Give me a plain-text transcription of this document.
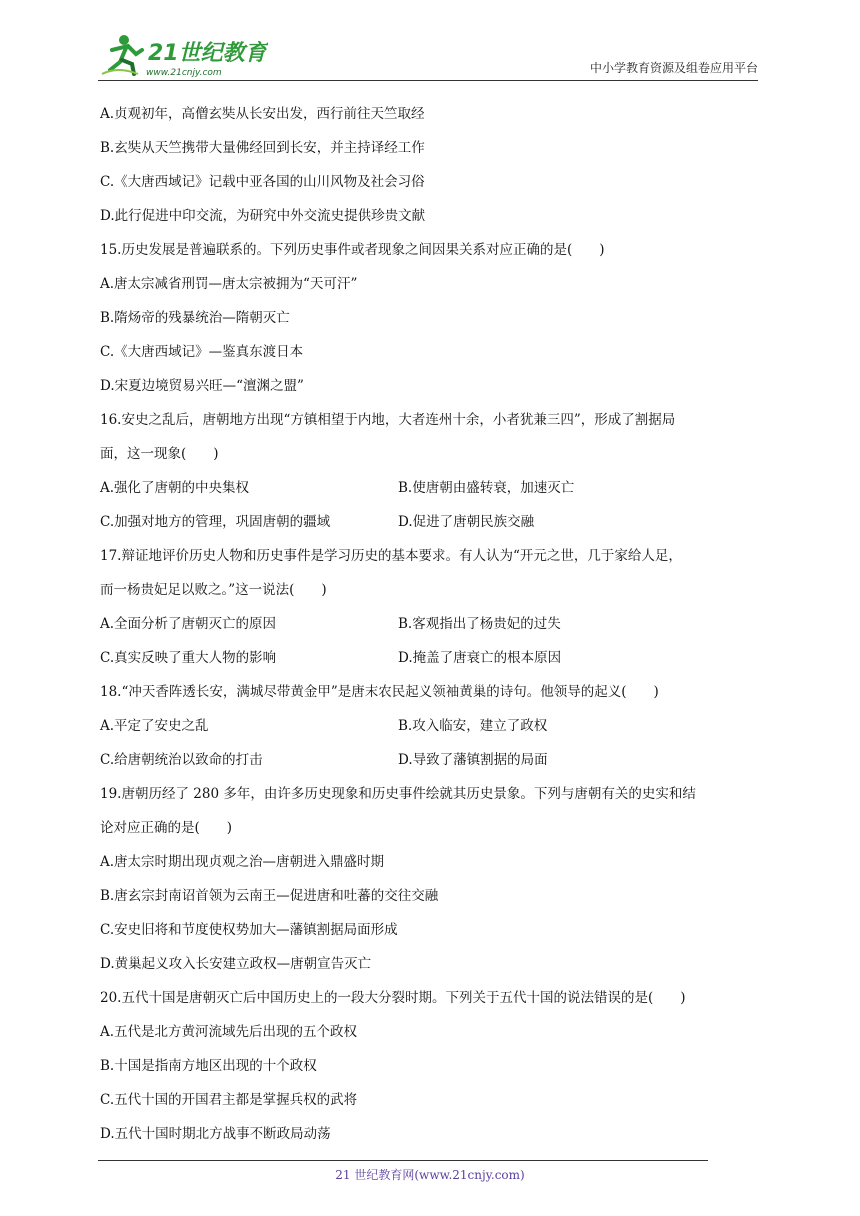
21世纪教育
www.21cnjy.com	中小学教育资源及组卷应用平台
A.贞观初年，高僧玄奘从长安出发，西行前往天竺取经
B.玄奘从天竺携带大量佛经回到长安，并主持译经工作
C.《大唐西域记》记载中亚各国的山川风物及社会习俗
D.此行促进中印交流，为研究中外交流史提供珍贵文献
15.历史发展是普遍联系的。下列历史事件或者现象之间因果关系对应正确的是(　　)
A.唐太宗减省刑罚—唐太宗被拥为“天可汗”
B.隋炀帝的残暴统治—隋朝灭亡
C.《大唐西域记》—鉴真东渡日本
D.宋夏边境贸易兴旺—“澶渊之盟”
16.安史之乱后，唐朝地方出现“方镇相望于内地，大者连州十余，小者犹兼三四”，形成了割据局
面，这一现象(　　)
A.强化了唐朝的中央集权	B.使唐朝由盛转衰，加速灭亡
C.加强对地方的管理，巩固唐朝的疆域	D.促进了唐朝民族交融
17.辩证地评价历史人物和历史事件是学习历史的基本要求。有人认为“开元之世，几于家给人足，
而一杨贵妃足以败之。”这一说法(　　)
A.全面分析了唐朝灭亡的原因	B.客观指出了杨贵妃的过失
C.真实反映了重大人物的影响	D.掩盖了唐衰亡的根本原因
18.“冲天香阵透长安，满城尽带黄金甲”是唐末农民起义领袖黄巢的诗句。他领导的起义(　　)
A.平定了安史之乱	B.攻入临安，建立了政权
C.给唐朝统治以致命的打击	D.导致了藩镇割据的局面
19.唐朝历经了 280 多年，由许多历史现象和历史事件绘就其历史景象。下列与唐朝有关的史实和结
论对应正确的是(　　)
A.唐太宗时期出现贞观之治—唐朝进入鼎盛时期
B.唐玄宗封南诏首领为云南王—促进唐和吐蕃的交往交融
C.安史旧将和节度使权势加大—藩镇割据局面形成
D.黄巢起义攻入长安建立政权—唐朝宣告灭亡
20.五代十国是唐朝灭亡后中国历史上的一段大分裂时期。下列关于五代十国的说法错误的是(　　)
A.五代是北方黄河流域先后出现的五个政权
B.十国是指南方地区出现的十个政权
C.五代十国的开国君主都是掌握兵权的武将
D.五代十国时期北方战事不断政局动荡
21 世纪教育网(www.21cnjy.com)
